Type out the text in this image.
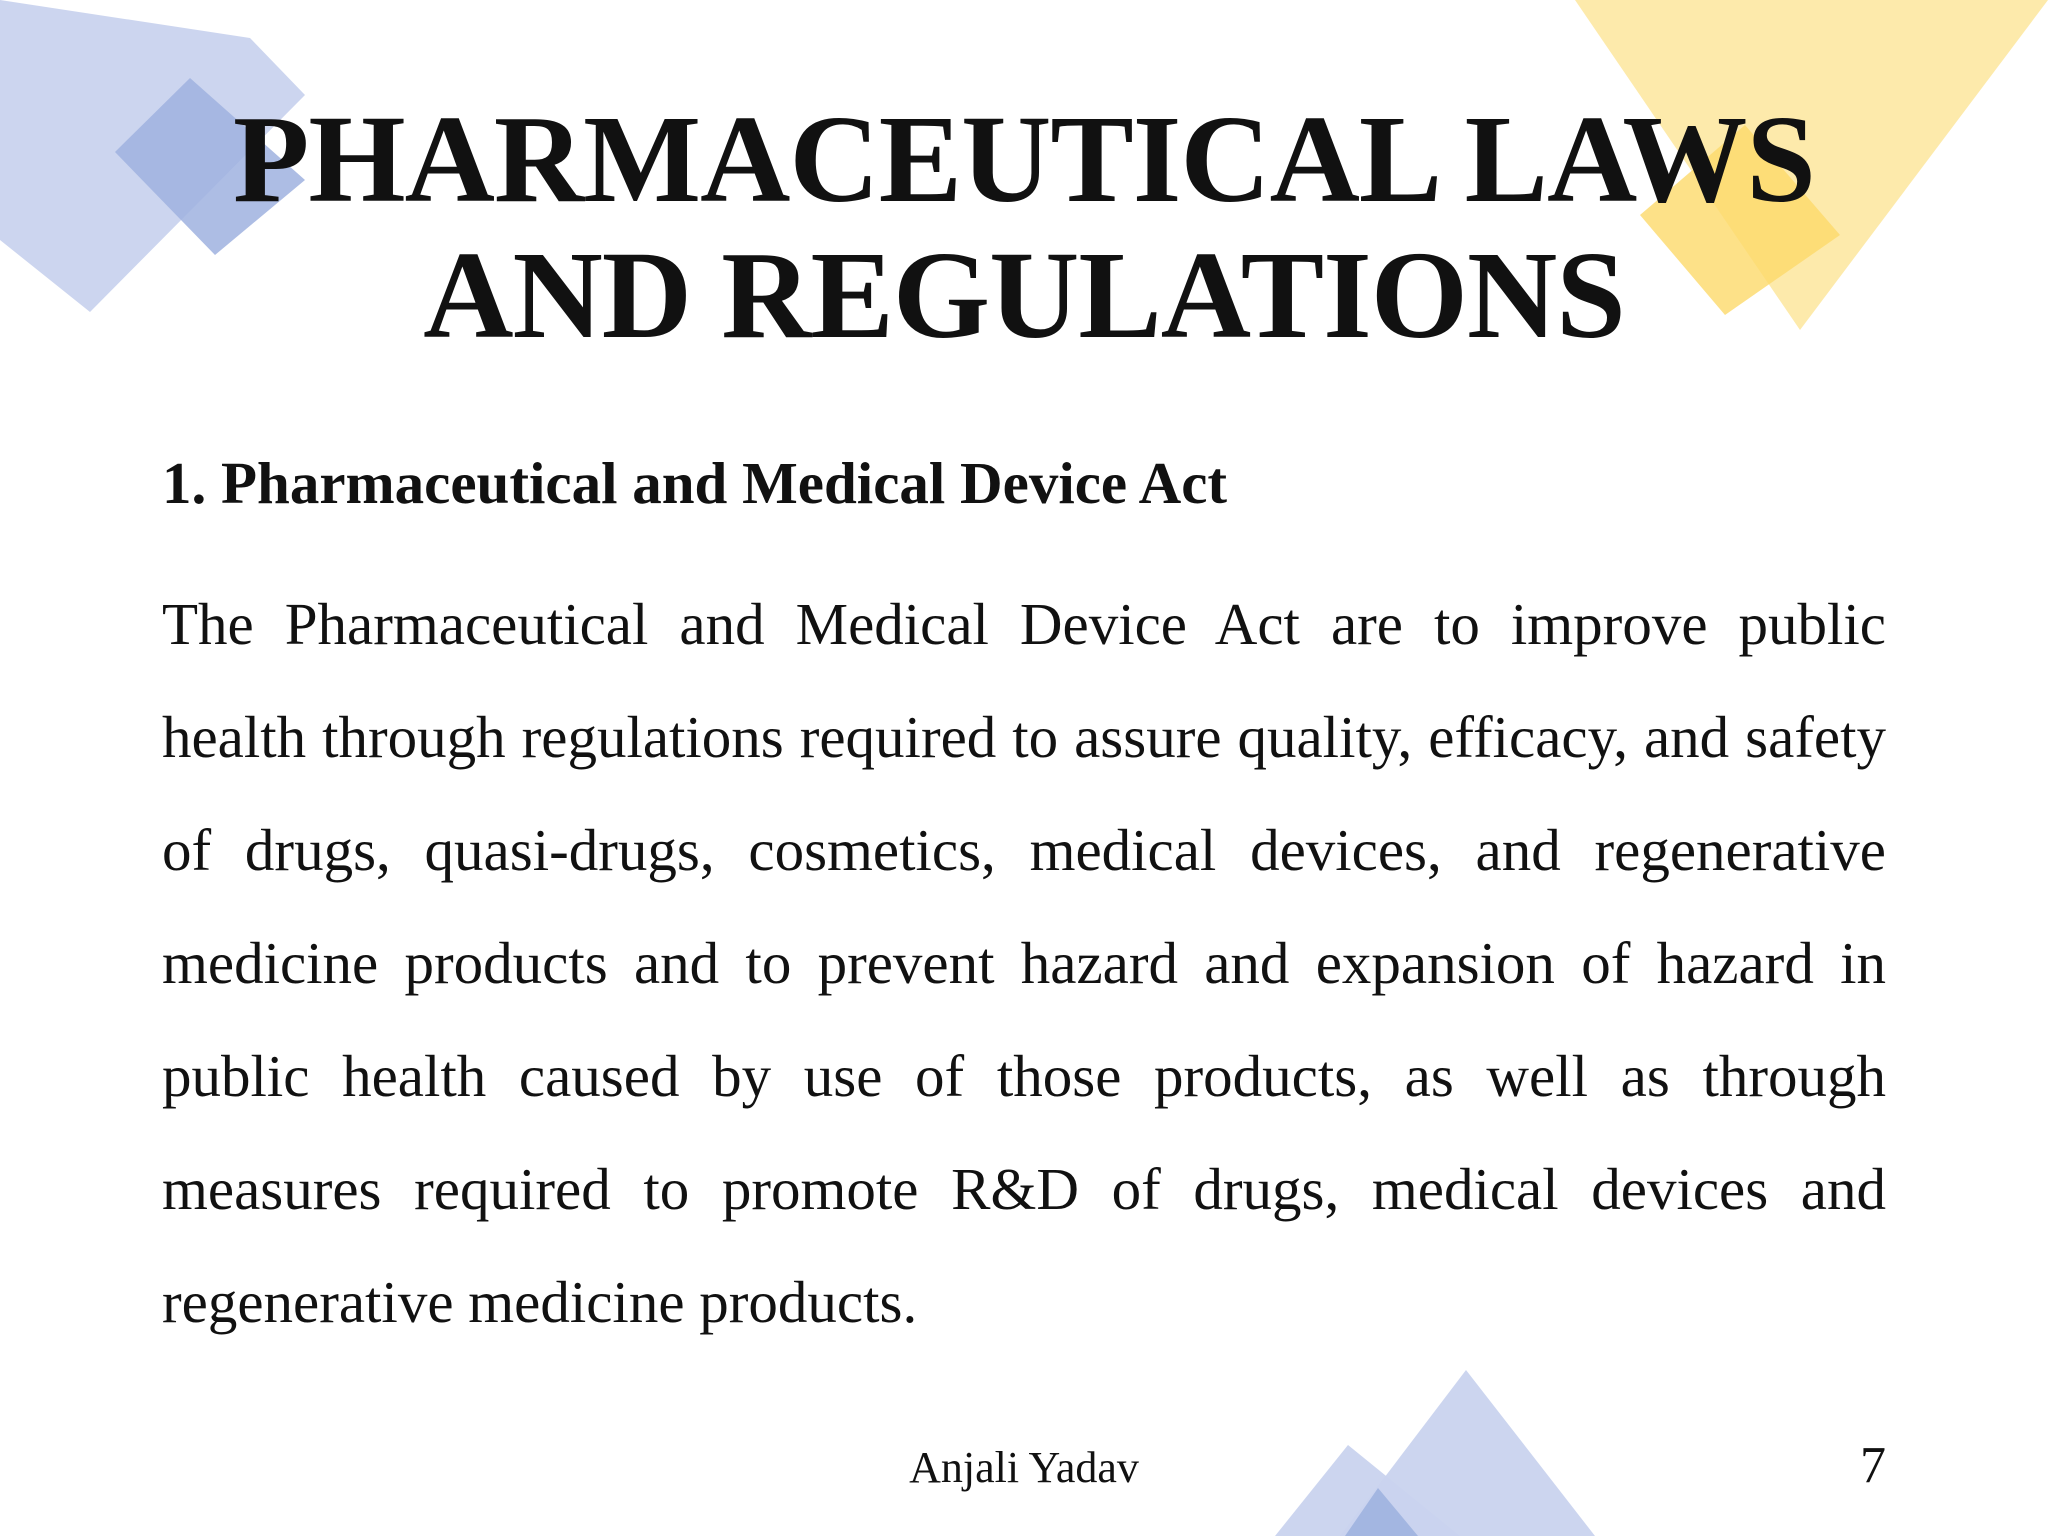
PHARMACEUTICAL LAWS
AND REGULATIONS
1. Pharmaceutical and Medical Device Act

The Pharmaceutical and Medical Device Act are to improve public health through regulations required to assure quality, efficacy, and safety of drugs, quasi-drugs, cosmetics, medical devices, and regenerative medicine products and to prevent hazard and expansion of hazard in public health caused by use of those products, as well as through measures required to promote R&D of drugs, medical devices and regenerative medicine products.

Anjali Yadav	7
